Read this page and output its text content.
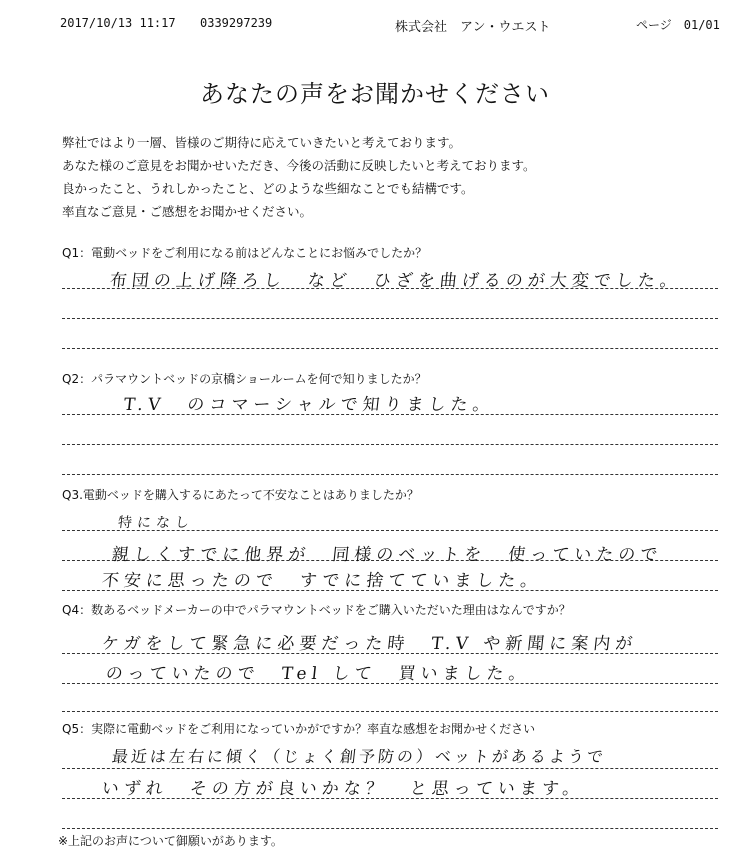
2017/10/13 11:17 0339297239	株式会社　アン・ウエスト	ページ　01/01
あなたの声をお聞かせください
弊社ではより一層、皆様のご期待に応えていきたいと考えております。
あなた様のご意見をお聞かせいただき、今後の活動に反映したいと考えております。
良かったこと、うれしかったこと、どのような些細なことでも結構です。
率直なご意見・ご感想をお聞かせください。
Q1：電動ベッドをご利用になる前はどんなことにお悩みでしたか？
布団の上げ降ろし　など　ひざを曲げるのが大変でした。
Q2：パラマウントベッドの京橋ショールームを何で知りましたか？
T.V　のコマーシャルで知りました。
Q3.電動ベッドを購入するにあたって不安なことはありましたか？
特になし
親しくすでに他界が　同様のベットを　使っていたので
不安に思ったので　すでに捨てていました。
Q4：数あるベッドメーカーの中でパラマウントベッドをご購入いただいた理由はなんですか？
ケガをして緊急に必要だった時　T.V や新聞に案内が
のっていたので　Tel して　買いました。
Q5：実際に電動ベッドをご利用になっていかがですか？率直な感想をお聞かせください
最近は左右に傾く（じょく創予防の）ベットがあるようで
いずれ　その方が良いかな？　と思っています。
※上記のお声について御願いがあります。
